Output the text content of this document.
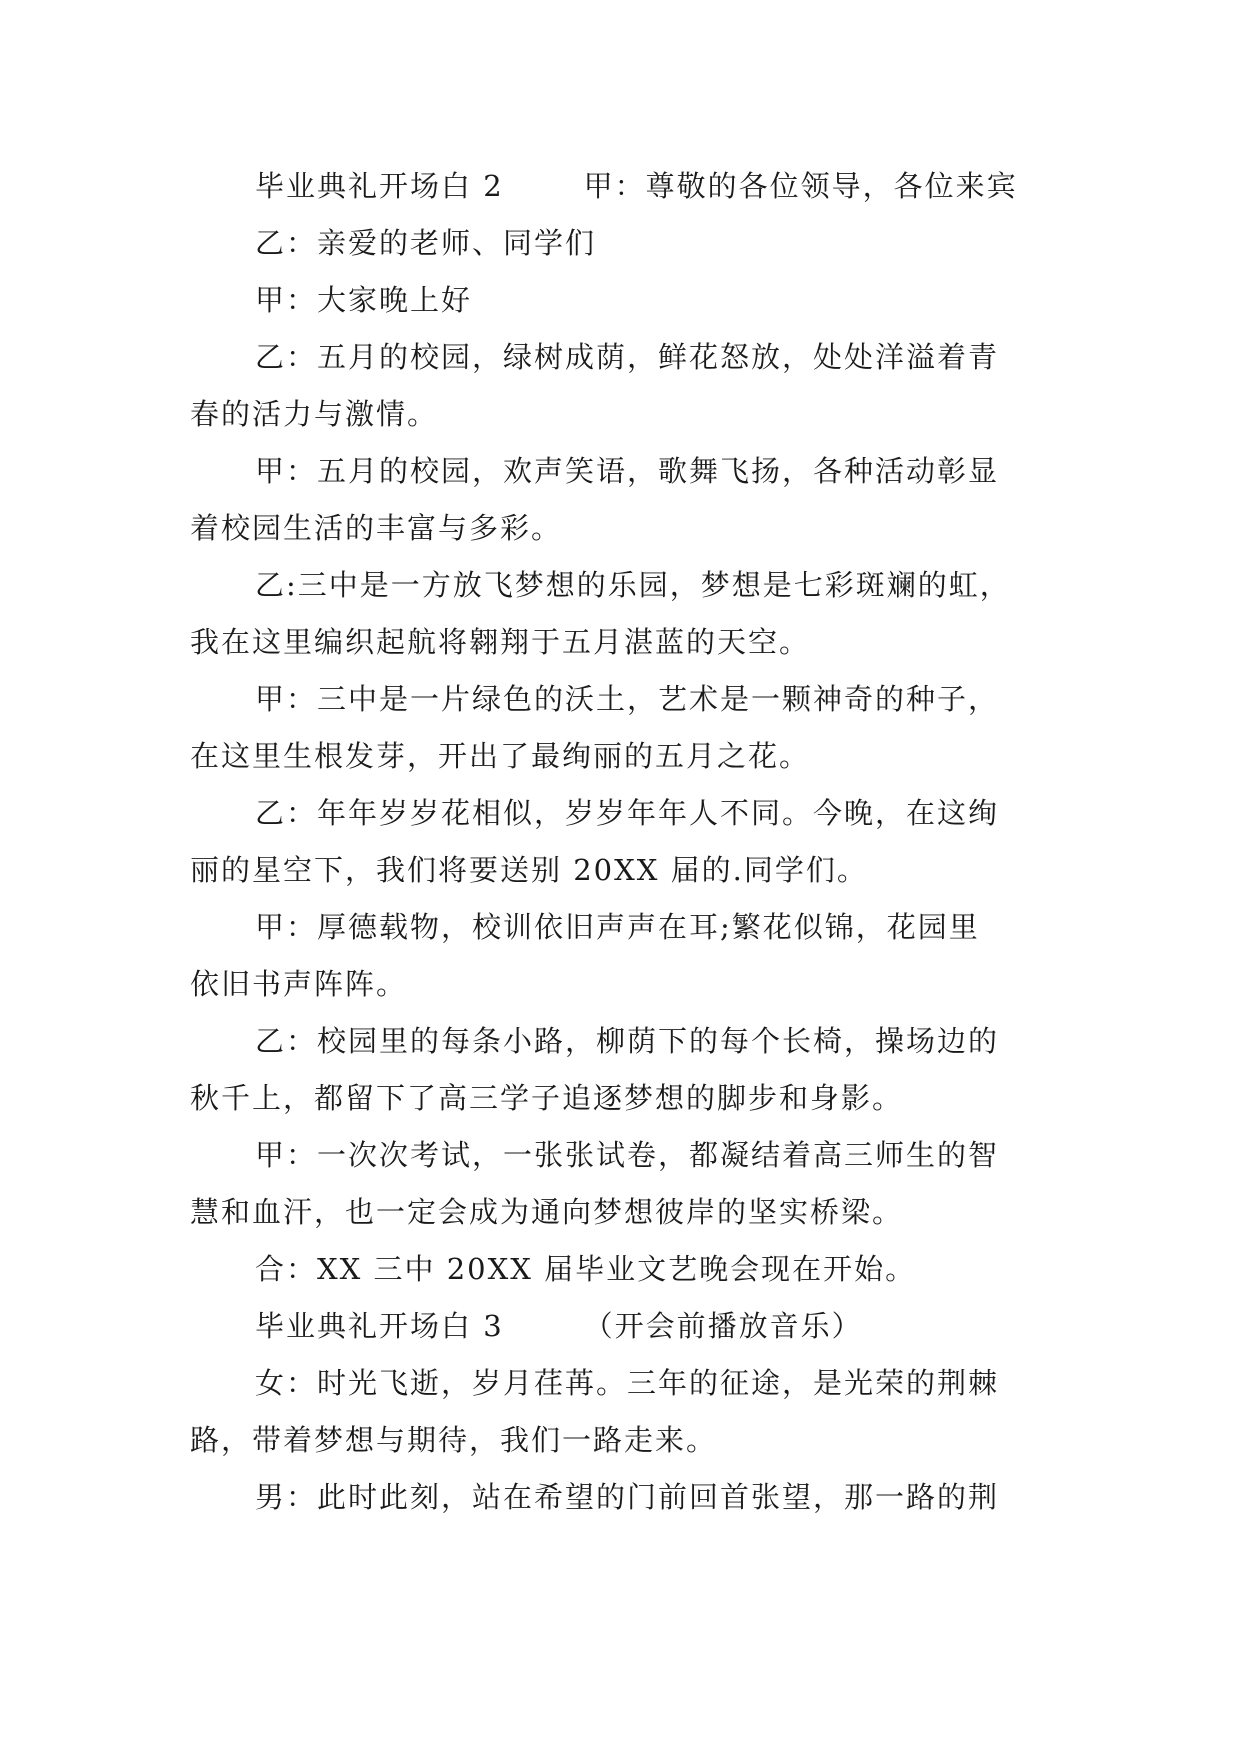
毕业典礼开场白 2	甲：尊敬的各位领导，各位来宾
乙：亲爱的老师、同学们
甲：大家晚上好
乙：五月的校园，绿树成荫，鲜花怒放，处处洋溢着青
春的活力与激情。
甲：五月的校园，欢声笑语，歌舞飞扬，各种活动彰显
着校园生活的丰富与多彩。
乙:三中是一方放飞梦想的乐园，梦想是七彩斑斓的虹，
我在这里编织起航将翱翔于五月湛蓝的天空。
甲：三中是一片绿色的沃土，艺术是一颗神奇的种子，
在这里生根发芽，开出了最绚丽的五月之花。
乙：年年岁岁花相似，岁岁年年人不同。今晚，在这绚
丽的星空下，我们将要送别 20XX 届的.同学们。
甲：厚德载物，校训依旧声声在耳;繁花似锦，花园里
依旧书声阵阵。
乙：校园里的每条小路，柳荫下的每个长椅，操场边的
秋千上，都留下了高三学子追逐梦想的脚步和身影。
甲：一次次考试，一张张试卷，都凝结着高三师生的智
慧和血汗，也一定会成为通向梦想彼岸的坚实桥梁。
合：XX 三中 20XX 届毕业文艺晚会现在开始。
毕业典礼开场白 3	（开会前播放音乐）
女：时光飞逝，岁月荏苒。三年的征途，是光荣的荆棘
路，带着梦想与期待，我们一路走来。
男：此时此刻，站在希望的门前回首张望，那一路的荆
